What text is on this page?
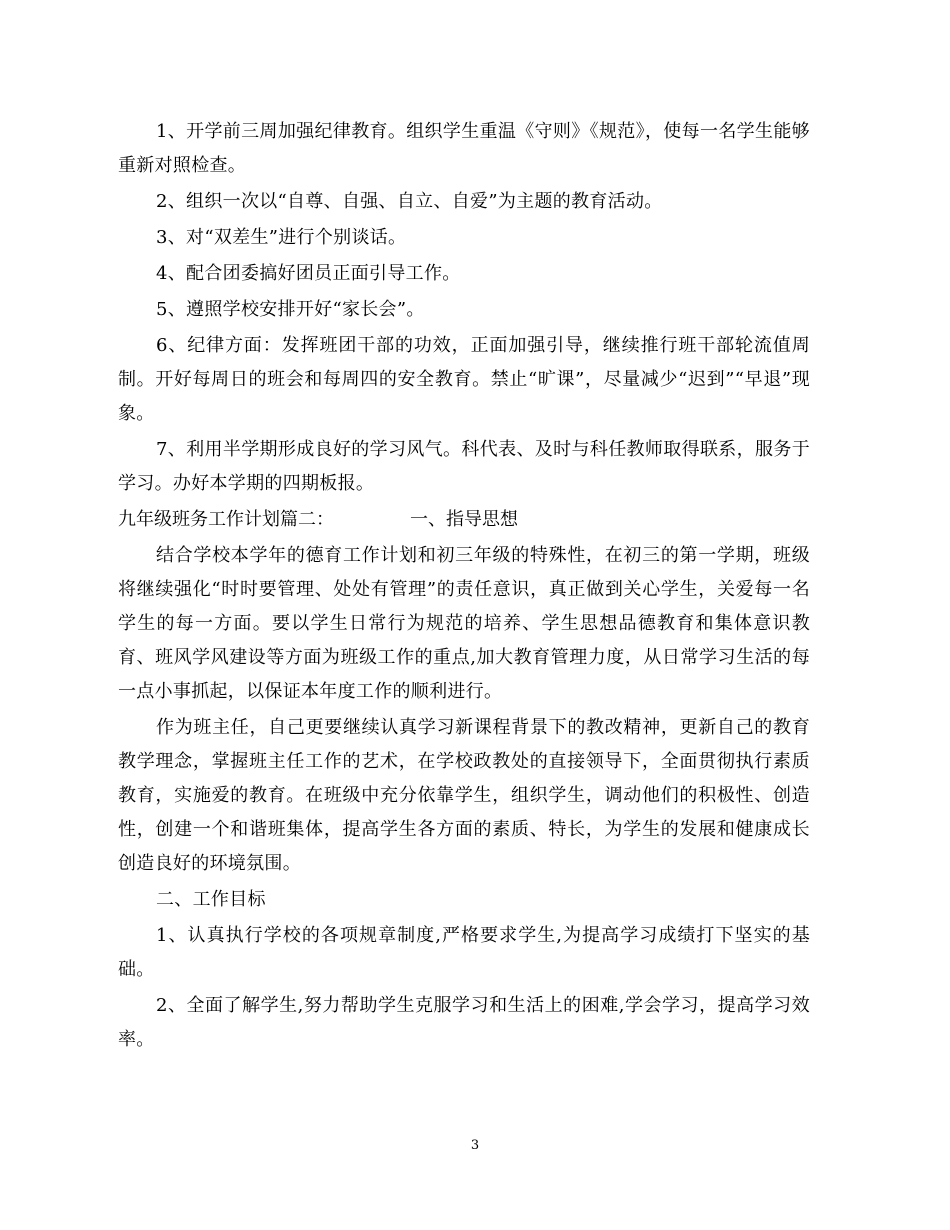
1、开学前三周加强纪律教育。组织学生重温《守则》《规范》，使每一名学生能够重新对照检查。

2、组织一次以“自尊、自强、自立、自爱”为主题的教育活动。

3、对“双差生”进行个别谈话。

4、配合团委搞好团员正面引导工作。

5、遵照学校安排开好“家长会”。

6、纪律方面：发挥班团干部的功效，正面加强引导，继续推行班干部轮流值周制。开好每周日的班会和每周四的安全教育。禁止“旷课”，尽量减少“迟到”“早退”现象。

7、利用半学期形成良好的学习风气。科代表、及时与科任教师取得联系，服务于学习。办好本学期的四期板报。

九年级班务工作计划篇二：	一、指导思想

结合学校本学年的德育工作计划和初三年级的特殊性，在初三的第一学期，班级将继续强化“时时要管理、处处有管理”的责任意识，真正做到关心学生，关爱每一名学生的每一方面。要以学生日常行为规范的培养、学生思想品德教育和集体意识教育、班风学风建设等方面为班级工作的重点,加大教育管理力度，从日常学习生活的每一点小事抓起，以保证本年度工作的顺利进行。

作为班主任，自己更要继续认真学习新课程背景下的教改精神，更新自己的教育教学理念，掌握班主任工作的艺术，在学校政教处的直接领导下，全面贯彻执行素质教育，实施爱的教育。在班级中充分依靠学生，组织学生，调动他们的积极性、创造性，创建一个和谐班集体，提高学生各方面的素质、特长，为学生的发展和健康成长创造良好的环境氛围。

二、工作目标

1、认真执行学校的各项规章制度,严格要求学生,为提高学习成绩打下坚实的基础。

2、全面了解学生,努力帮助学生克服学习和生活上的困难,学会学习，提高学习效率。

3
